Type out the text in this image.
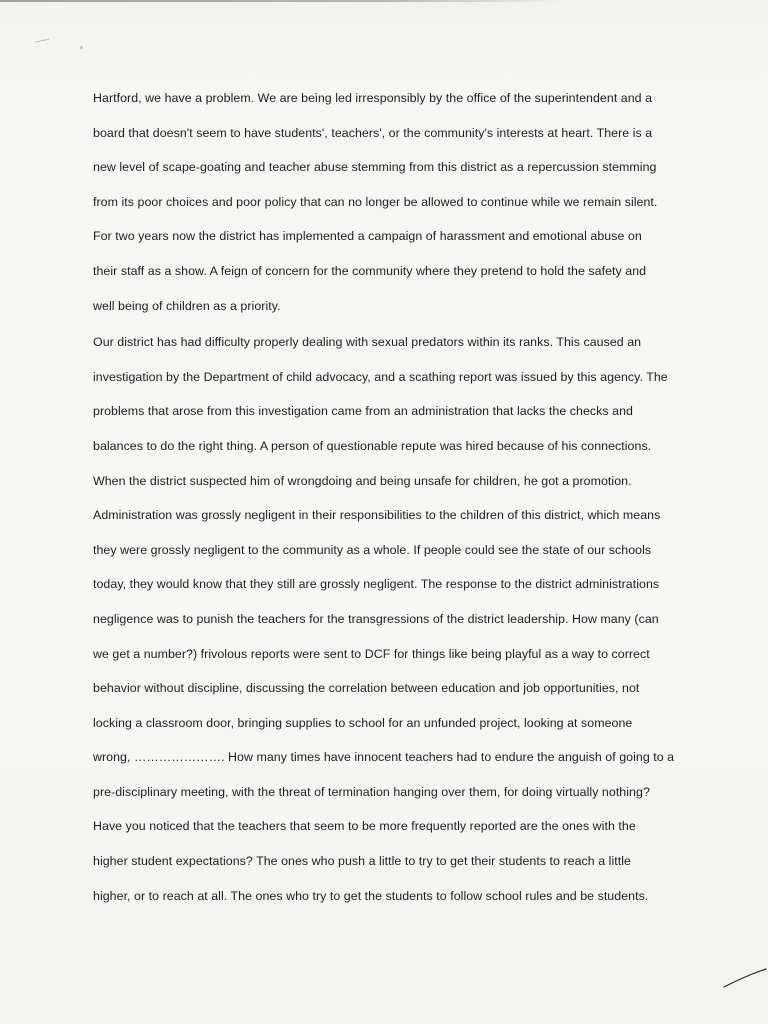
Hartford, we have a problem. We are being led irresponsibly by the office of the superintendent and a
board that doesn't seem to have students', teachers', or the community's interests at heart. There is a
new level of scape-goating and teacher abuse stemming from this district as a repercussion stemming
from its poor choices and poor policy that can no longer be allowed to continue while we remain silent.
For two years now the district has implemented a campaign of harassment and emotional abuse on
their staff as a show. A feign of concern for the community where they pretend to hold the safety and
well being of children as a priority.
Our district has had difficulty properly dealing with sexual predators within its ranks. This caused an
investigation by the Department of child advocacy, and a scathing report was issued by this agency. The
problems that arose from this investigation came from an administration that lacks the checks and
balances to do the right thing. A person of questionable repute was hired because of his connections.
When the district suspected him of wrongdoing and being unsafe for children, he got a promotion.
Administration was grossly negligent in their responsibilities to the children of this district, which means
they were grossly negligent to the community as a whole. If people could see the state of our schools
today, they would know that they still are grossly negligent. The response to the district administrations
negligence was to punish the teachers for the transgressions of the district leadership. How many (can
we get a number?) frivolous reports were sent to DCF for things like being playful as a way to correct
behavior without discipline, discussing the correlation between education and job opportunities, not
locking a classroom door, bringing supplies to school for an unfunded project, looking at someone
wrong, …………………. How many times have innocent teachers had to endure the anguish of going to a
pre-disciplinary meeting, with the threat of termination hanging over them, for doing virtually nothing?
Have you noticed that the teachers that seem to be more frequently reported are the ones with the
higher student expectations? The ones who push a little to try to get their students to reach a little
higher, or to reach at all. The ones who try to get the students to follow school rules and be students.
